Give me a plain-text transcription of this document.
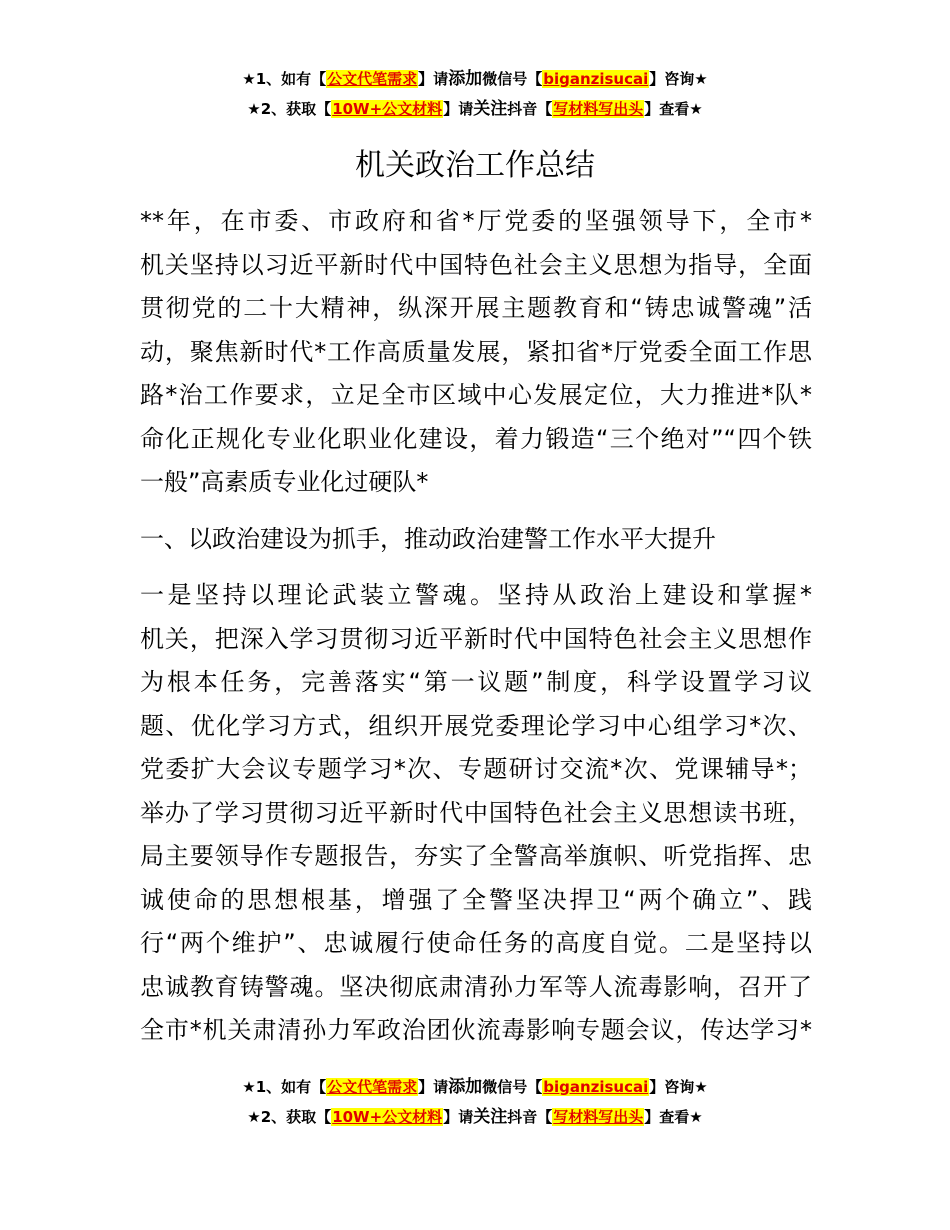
★1、如有【公文代笔需求】请添加微信号【biganzisucai】咨询★
★2、获取【10W+公文材料】请关注抖音【写材料写出头】查看★
机关政治工作总结
**年，在市委、市政府和省*厅党委的坚强领导下，全市*
机关坚持以习近平新时代中国特色社会主义思想为指导，全面
贯彻党的二十大精神，纵深开展主题教育和“铸忠诚警魂”活
动，聚焦新时代*工作高质量发展，紧扣省*厅党委全面工作思
路*治工作要求，立足全市区域中心发展定位，大力推进*队*
命化正规化专业化职业化建设，着力锻造“三个绝对”“四个铁
一般”高素质专业化过硬队*
一、以政治建设为抓手，推动政治建警工作水平大提升
一是坚持以理论武装立警魂。坚持从政治上建设和掌握*
机关，把深入学习贯彻习近平新时代中国特色社会主义思想作
为根本任务，完善落实“第一议题”制度，科学设置学习议
题、优化学习方式，组织开展党委理论学习中心组学习*次、
党委扩大会议专题学习*次、专题研讨交流*次、党课辅导*；
举办了学习贯彻习近平新时代中国特色社会主义思想读书班，
局主要领导作专题报告，夯实了全警高举旗帜、听党指挥、忠
诚使命的思想根基，增强了全警坚决捍卫“两个确立”、践
行“两个维护”、忠诚履行使命任务的高度自觉。二是坚持以
忠诚教育铸警魂。坚决彻底肃清孙力军等人流毒影响，召开了
全市*机关肃清孙力军政治团伙流毒影响专题会议，传达学习*
★1、如有【公文代笔需求】请添加微信号【biganzisucai】咨询★
★2、获取【10W+公文材料】请关注抖音【写材料写出头】查看★
